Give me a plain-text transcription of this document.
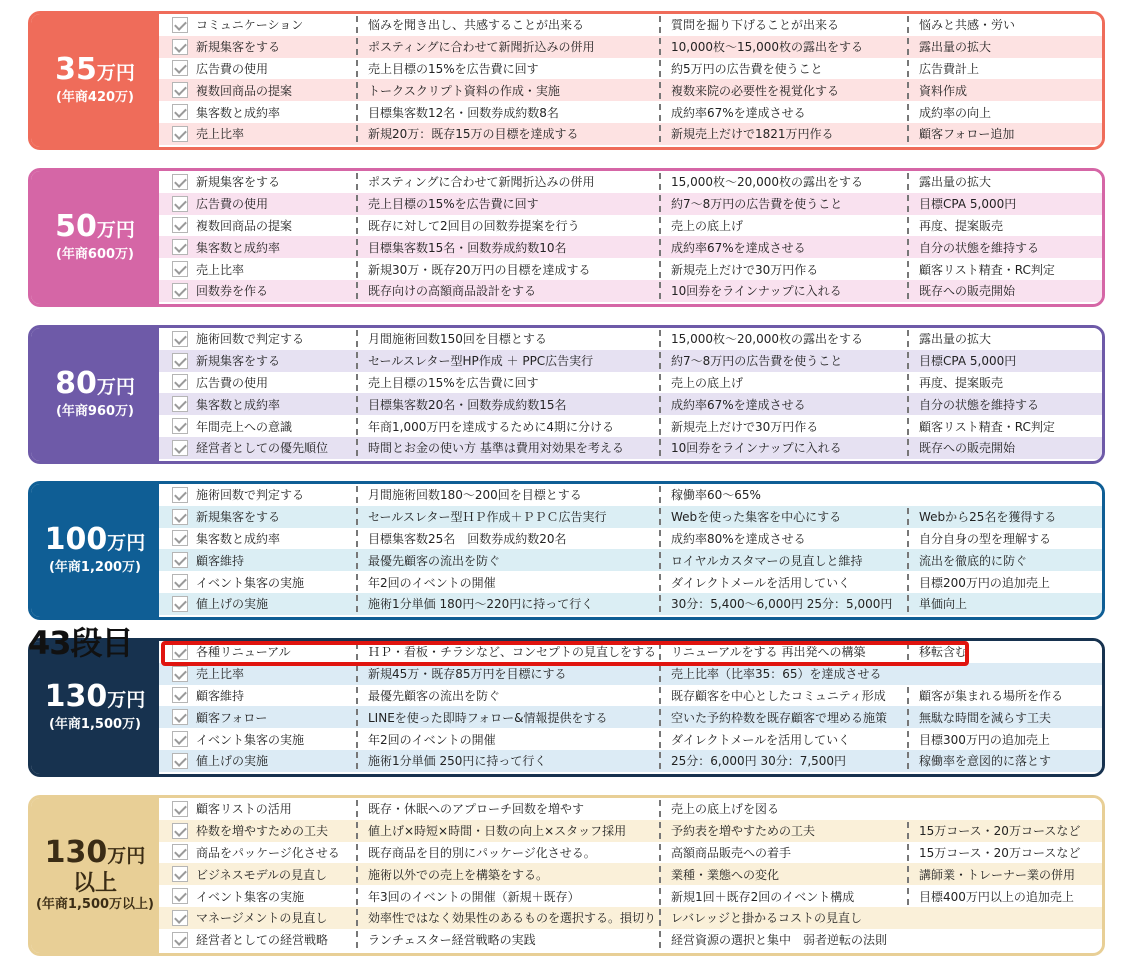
35万円
(年商420万)
コミュニケーション	悩みを聞き出し、共感することが出来る	質問を掘り下げることが出来る	悩みと共感・労い
新規集客をする	ポスティングに合わせて新聞折込みの併用	10,000枚〜15,000枚の露出をする	露出量の拡大
広告費の使用	売上目標の15%を広告費に回す	約5万円の広告費を使うこと	広告費計上
複数回商品の提案	トークスクリプト資料の作成・実施	複数来院の必要性を視覚化する	資料作成
集客数と成約率	目標集客数12名・回数券成約数8名	成約率67%を達成させる	成約率の向上
売上比率	新規20万：既存15万の目標を達成する	新規売上だけで1821万円作る	顧客フォロー追加
50万円
(年商600万)
新規集客をする	ポスティングに合わせて新聞折込みの併用	15,000枚〜20,000枚の露出をする	露出量の拡大
広告費の使用	売上目標の15%を広告費に回す	約7〜8万円の広告費を使うこと	目標CPA 5,000円
複数回商品の提案	既存に対して2回目の回数券提案を行う	売上の底上げ	再度、提案販売
集客数と成約率	目標集客数15名・回数券成約数10名	成約率67%を達成させる	自分の状態を維持する
売上比率	新規30万・既存20万円の目標を達成する	新規売上だけで30万円作る	顧客リスト精査・RC判定
回数券を作る	既存向けの高額商品設計をする	10回券をラインナップに入れる	既存への販売開始
80万円
(年商960万)
施術回数で判定する	月間施術回数150回を目標とする	15,000枚〜20,000枚の露出をする	露出量の拡大
新規集客をする	セールスレター型HP作成 ＋ PPC広告実行	約7〜8万円の広告費を使うこと	目標CPA 5,000円
広告費の使用	売上目標の15%を広告費に回す	売上の底上げ	再度、提案販売
集客数と成約率	目標集客数20名・回数券成約数15名	成約率67%を達成させる	自分の状態を維持する
年間売上への意識	年商1,000万円を達成するために4期に分ける	新規売上だけで30万円作る	顧客リスト精査・RC判定
経営者としての優先順位	時間とお金の使い方 基準は費用対効果を考える	10回券をラインナップに入れる	既存への販売開始
100万円
(年商1,200万)
施術回数で判定する	月間施術回数180〜200回を目標とする	稼働率60〜65%
新規集客をする	セールスレター型ＨＰ作成＋ＰＰＣ広告実行	Webを使った集客を中心にする	Webから25名を獲得する
集客数と成約率	目標集客数25名　回数券成約数20名	成約率80%を達成させる	自分自身の型を理解する
顧客維持	最優先顧客の流出を防ぐ	ロイヤルカスタマーの見直しと維持	流出を徹底的に防ぐ
イベント集客の実施	年2回のイベントの開催	ダイレクトメールを活用していく	目標200万円の追加売上
値上げの実施	施術1分単価 180円〜220円に持って行く	30分：5,400〜6,000円 25分：5,000円	単価向上
130万円
(年商1,500万)
各種リニューアル	ＨＰ・看板・チラシなど、コンセプトの見直しをする	リニューアルをする 再出発への構築	移転含む
売上比率	新規45万・既存85万円を目標にする	売上比率（比率35：65）を達成させる
顧客維持	最優先顧客の流出を防ぐ	既存顧客を中心としたコミュニティ形成	顧客が集まれる場所を作る
顧客フォロー	LINEを使った即時フォロー&情報提供をする	空いた予約枠数を既存顧客で埋める施策	無駄な時間を減らす工夫
イベント集客の実施	年2回のイベントの開催	ダイレクトメールを活用していく	目標300万円の追加売上
値上げの実施	施術1分単価 250円に持って行く	25分：6,000円 30分：7,500円	稼働率を意図的に落とす
130万円
以上
(年商1,500万以上)
顧客リストの活用	既存・休眠へのアプローチ回数を増やす	売上の底上げを図る
枠数を増やすための工夫	値上げ×時短×時間・日数の向上×スタッフ採用	予約表を増やすための工夫	15万コース・20万コースなど
商品をパッケージ化させる	既存商品を目的別にパッケージ化させる。	高額商品販売への着手	15万コース・20万コースなど
ビジネスモデルの見直し	施術以外での売上を構築をする。	業種・業態への変化	講師業・トレーナー業の併用
イベント集客の実施	年3回のイベントの開催（新規＋既存）	新規1回＋既存2回のイベント構成	目標400万円以上の追加売上
マネージメントの見直し	効率性ではなく効果性のあるものを選択する。損切り	レバレッジと掛かるコストの見直し
経営者としての経営戦略	ランチェスター経営戦略の実践	経営資源の選択と集中　弱者逆転の法則
43段目
